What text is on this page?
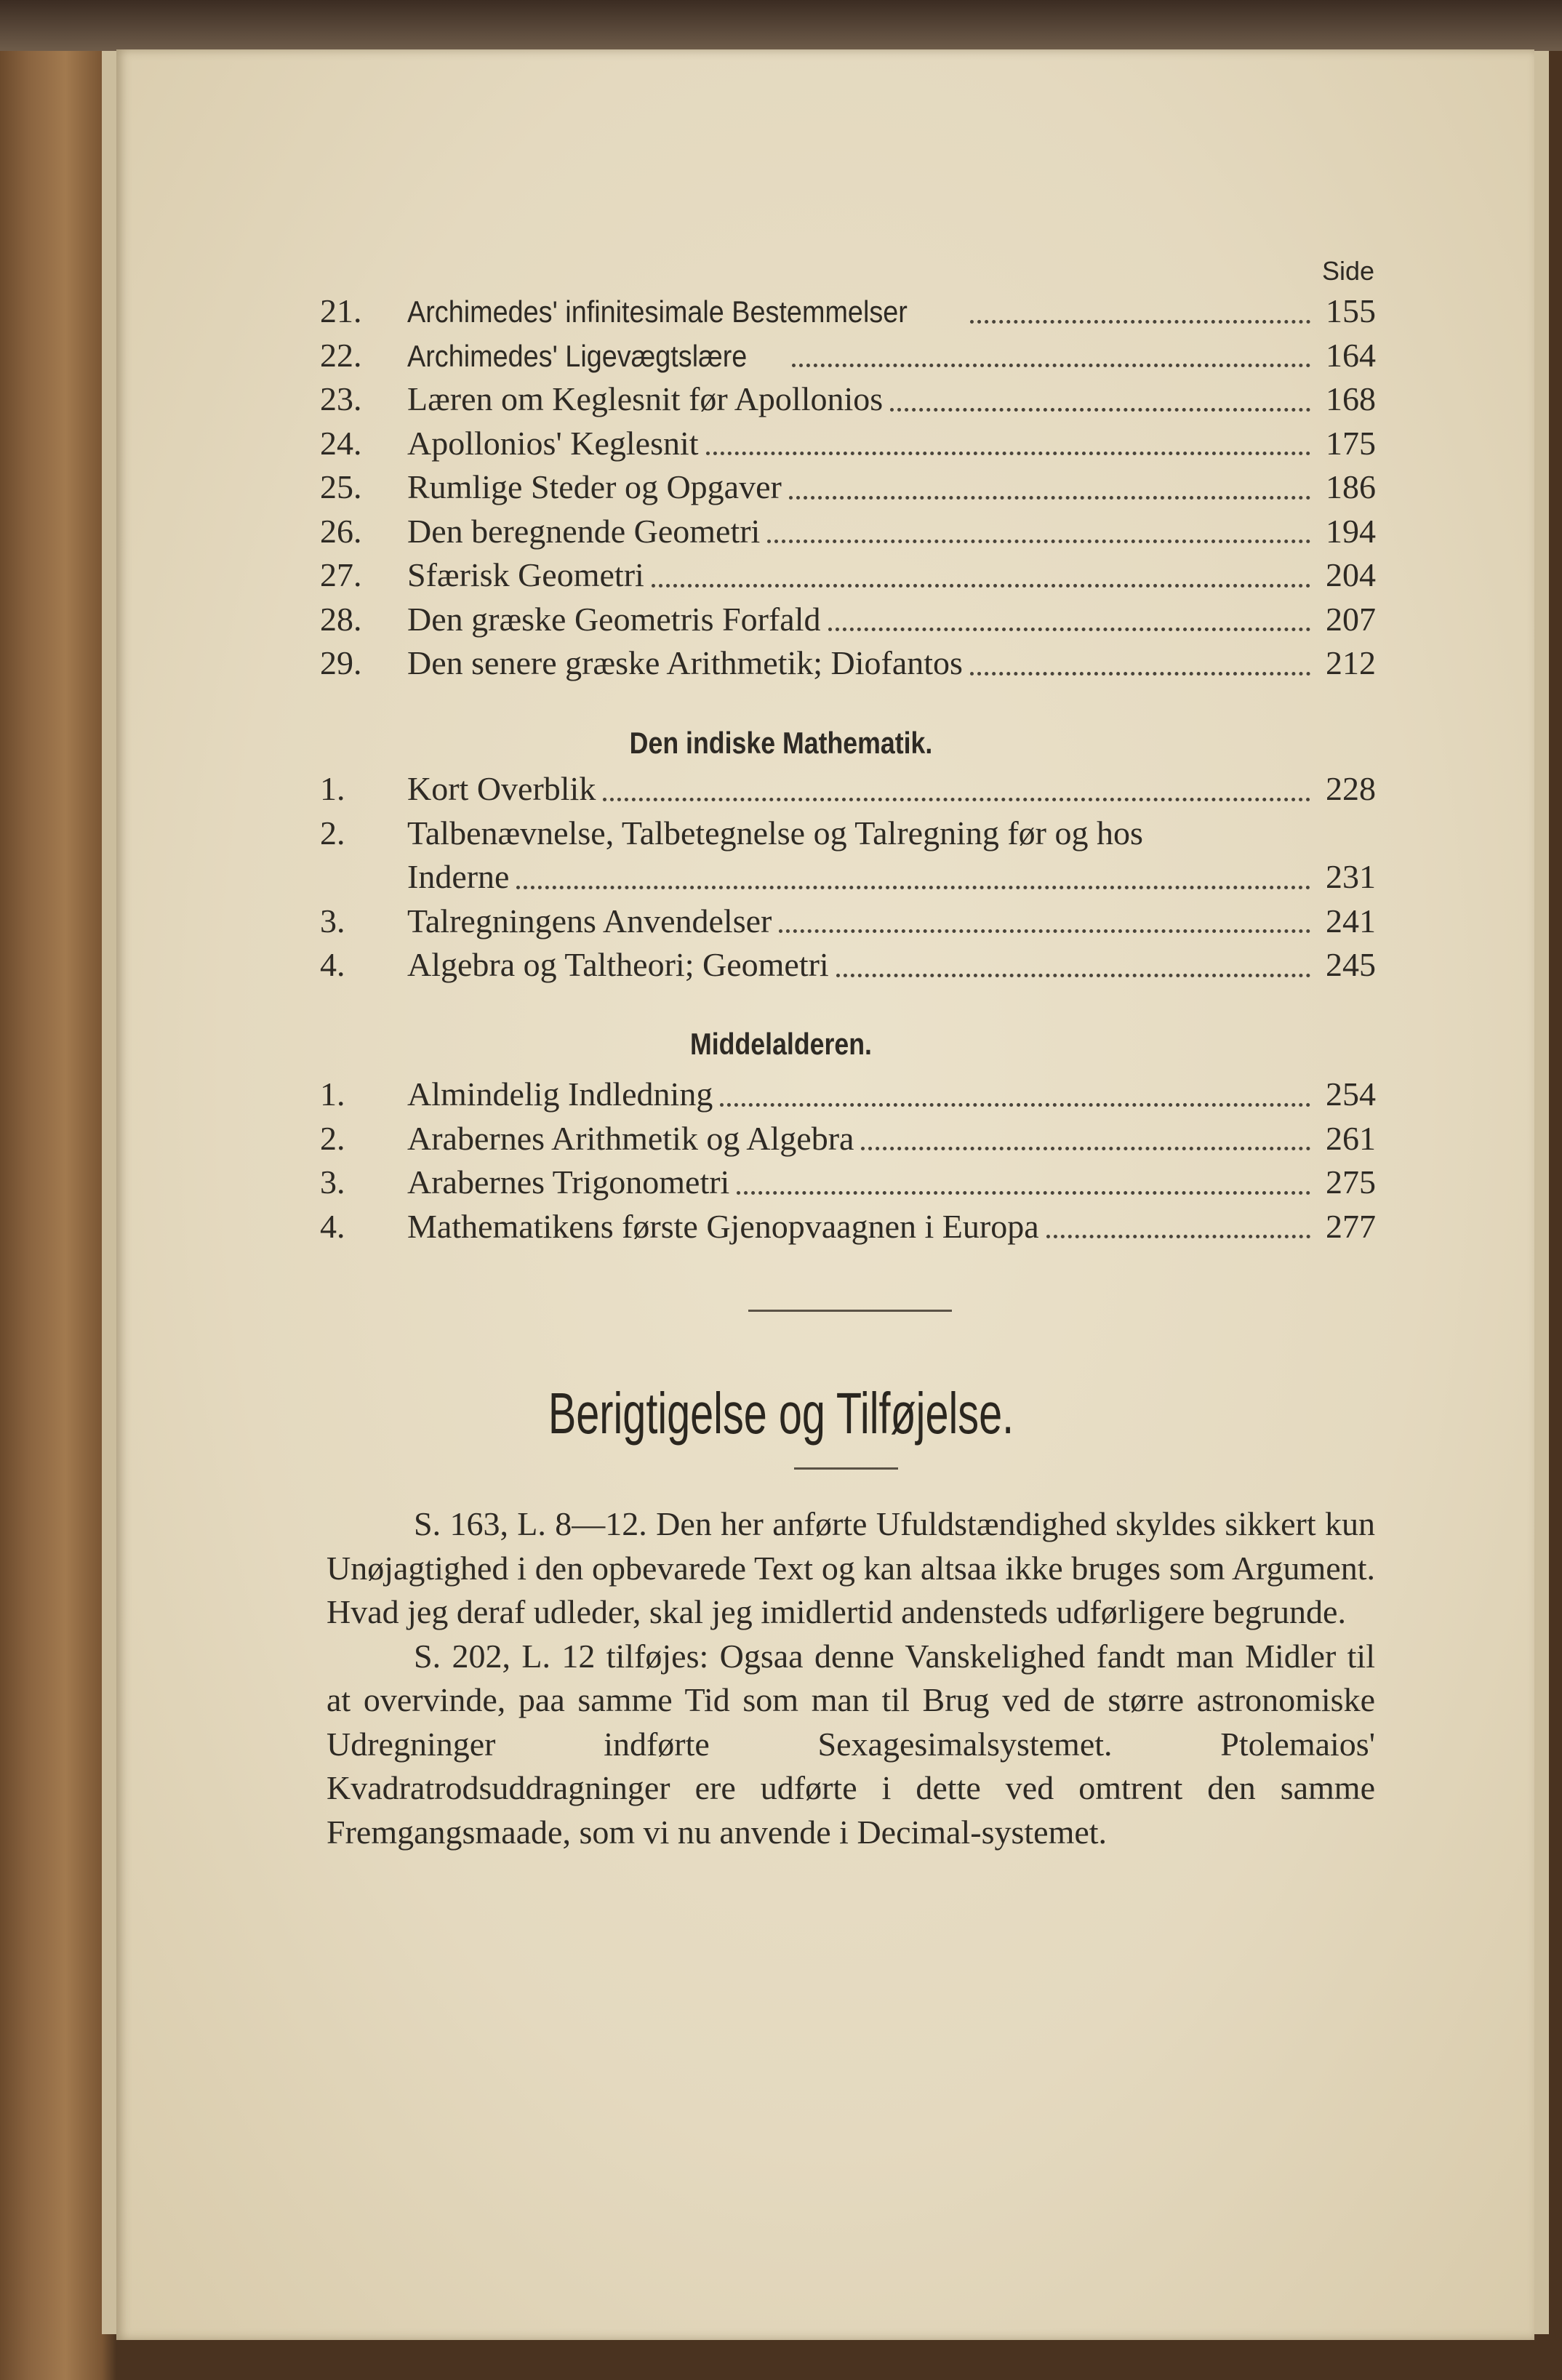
Side
21.	Archimedes' infinitesimale Bestemmelser	155
22.	Archimedes' Ligevægtslære	164
23.	Læren om Keglesnit før Apollonios	168
24.	Apollonios' Keglesnit	175
25.	Rumlige Steder og Opgaver	186
26.	Den beregnende Geometri	194
27.	Sfærisk Geometri	204
28.	Den græske Geometris Forfald	207
29.	Den senere græske Arithmetik; Diofantos	212
Den indiske Mathematik.
1.	Kort Overblik	228
2.	Talbenævnelse, Talbetegnelse og Talregning før og hos
Inderne	231
3.	Talregningens Anvendelser	241
4.	Algebra og Taltheori; Geometri	245
Middelalderen.
1.	Almindelig Indledning	254
2.	Arabernes Arithmetik og Algebra	261
3.	Arabernes Trigonometri	275
4.	Mathematikens første Gjenopvaagnen i Europa	277
Berigtigelse og Tilføjelse.

S. 163, L. 8—12. Den her anførte Ufuldstændighed skyldes sikkert kun Unøjagtighed i den opbevarede Text og kan altsaa ikke bruges som Argument. Hvad jeg deraf udleder, skal jeg imidlertid andensteds udførligere begrunde.

S. 202, L. 12 tilføjes: Ogsaa denne Vanskelighed fandt man Midler til at overvinde, paa samme Tid som man til Brug ved de større astronomiske Udregninger indførte Sexagesimalsystemet. Ptolemaios' Kvadratrodsuddragninger ere udførte i dette ved omtrent den samme Fremgangsmaade, som vi nu anvende i Decimal-systemet.
